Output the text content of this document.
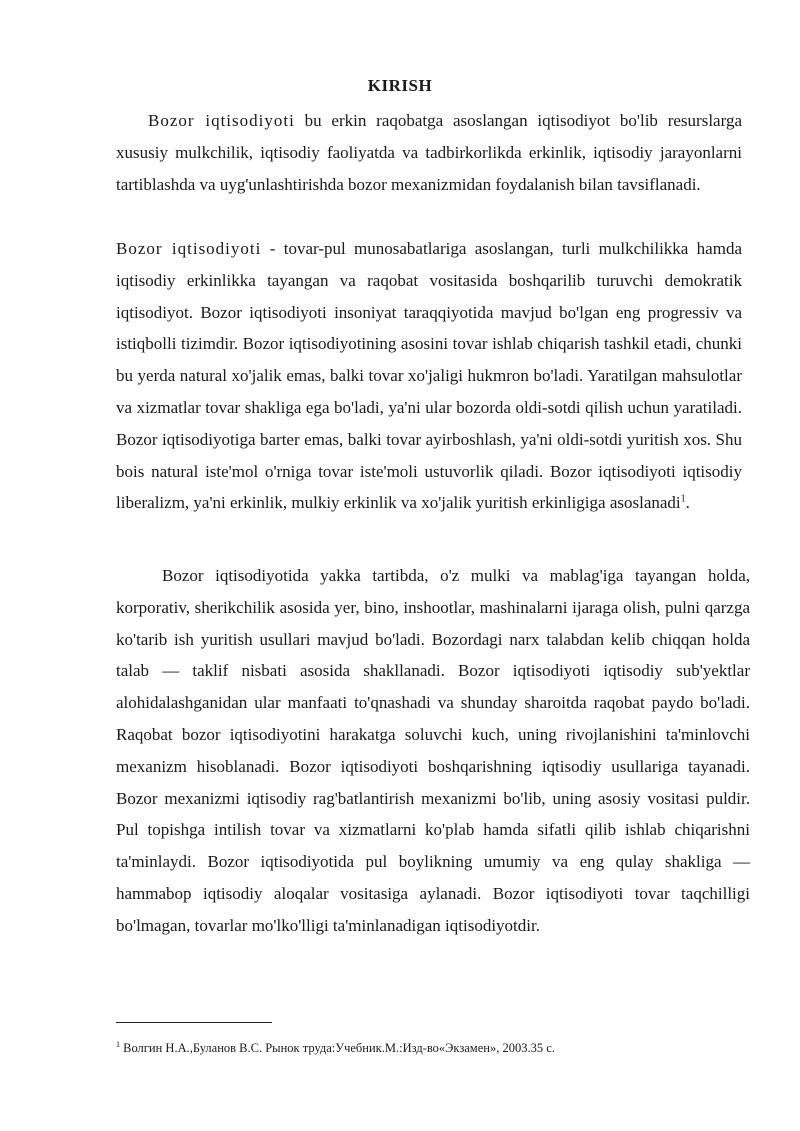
KIRISH

Bozor iqtisodiyoti bu erkin raqobatga asoslangan iqtisodiyot bo'lib resurslarga xususiy mulkchilik, iqtisodiy faoliyatda va tadbirkorlikda erkinlik, iqtisodiy jarayonlarni tartiblashda va uyg'unlashtirishda bozor mexanizmidan foydalanish bilan tavsiflanadi.

Bozor iqtisodiyoti - tovar-pul munosabatlariga asoslangan, turli mulkchilikka hamda iqtisodiy erkinlikka tayangan va raqobat vositasida boshqarilib turuvchi demokratik iqtisodiyot. Bozor iqtisodiyoti insoniyat taraqqiyotida mavjud bo'lgan eng progressiv va istiqbolli tizimdir. Bozor iqtisodiyotining asosini tovar ishlab chiqarish tashkil etadi, chunki bu yerda natural xo'jalik emas, balki tovar xo'jaligi hukmron bo'ladi. Yaratilgan mahsulotlar va xizmatlar tovar shakliga ega bo'ladi, ya'ni ular bozorda oldi-sotdi qilish uchun yaratiladi. Bozor iqtisodiyotiga barter emas, balki tovar ayirboshlash, ya'ni oldi-sotdi yuritish xos. Shu bois natural iste'mol o'rniga tovar iste'moli ustuvorlik qiladi. Bozor iqtisodiyoti iqtisodiy liberalizm, ya'ni erkinlik, mulkiy erkinlik va xo'jalik yuritish erkinligiga asoslanadi$^1$.

Bozor iqtisodiyotida yakka tartibda, o'z mulki va mablag'iga tayangan holda, korporativ, sherikchilik asosida yer, bino, inshootlar, mashinalarni ijaraga olish, pulni qarzga ko'tarib ish yuritish usullari mavjud bo'ladi. Bozordagi narx talabdan kelib chiqqan holda talab — taklif nisbati asosida shakllanadi. Bozor iqtisodiyoti iqtisodiy sub'yektlar alohidalashganidan ular manfaati to'qnashadi va shunday sharoitda raqobat paydo bo'ladi. Raqobat bozor iqtisodiyotini harakatga soluvchi kuch, uning rivojlanishini ta'minlovchi mexanizm hisoblanadi. Bozor iqtisodiyoti boshqarishning iqtisodiy usullariga tayanadi. Bozor mexanizmi iqtisodiy rag'batlantirish mexanizmi bo'lib, uning asosiy vositasi puldir. Pul topishga intilish tovar va xizmatlarni ko'plab hamda sifatli qilib ishlab chiqarishni ta'minlaydi. Bozor iqtisodiyotida pul boylikning umumiy va eng qulay shakliga — hammabop iqtisodiy aloqalar vositasiga aylanadi. Bozor iqtisodiyoti tovar taqchilligi bo'lmagan, tovarlar mo'lko'lligi ta'minlanadigan iqtisodiyotdir.

$^1$ Волгин Н.А.,Буланов В.С. Рынок труда:Учебник.М.:Изд-во«Экзамен», 2003.35 с.
